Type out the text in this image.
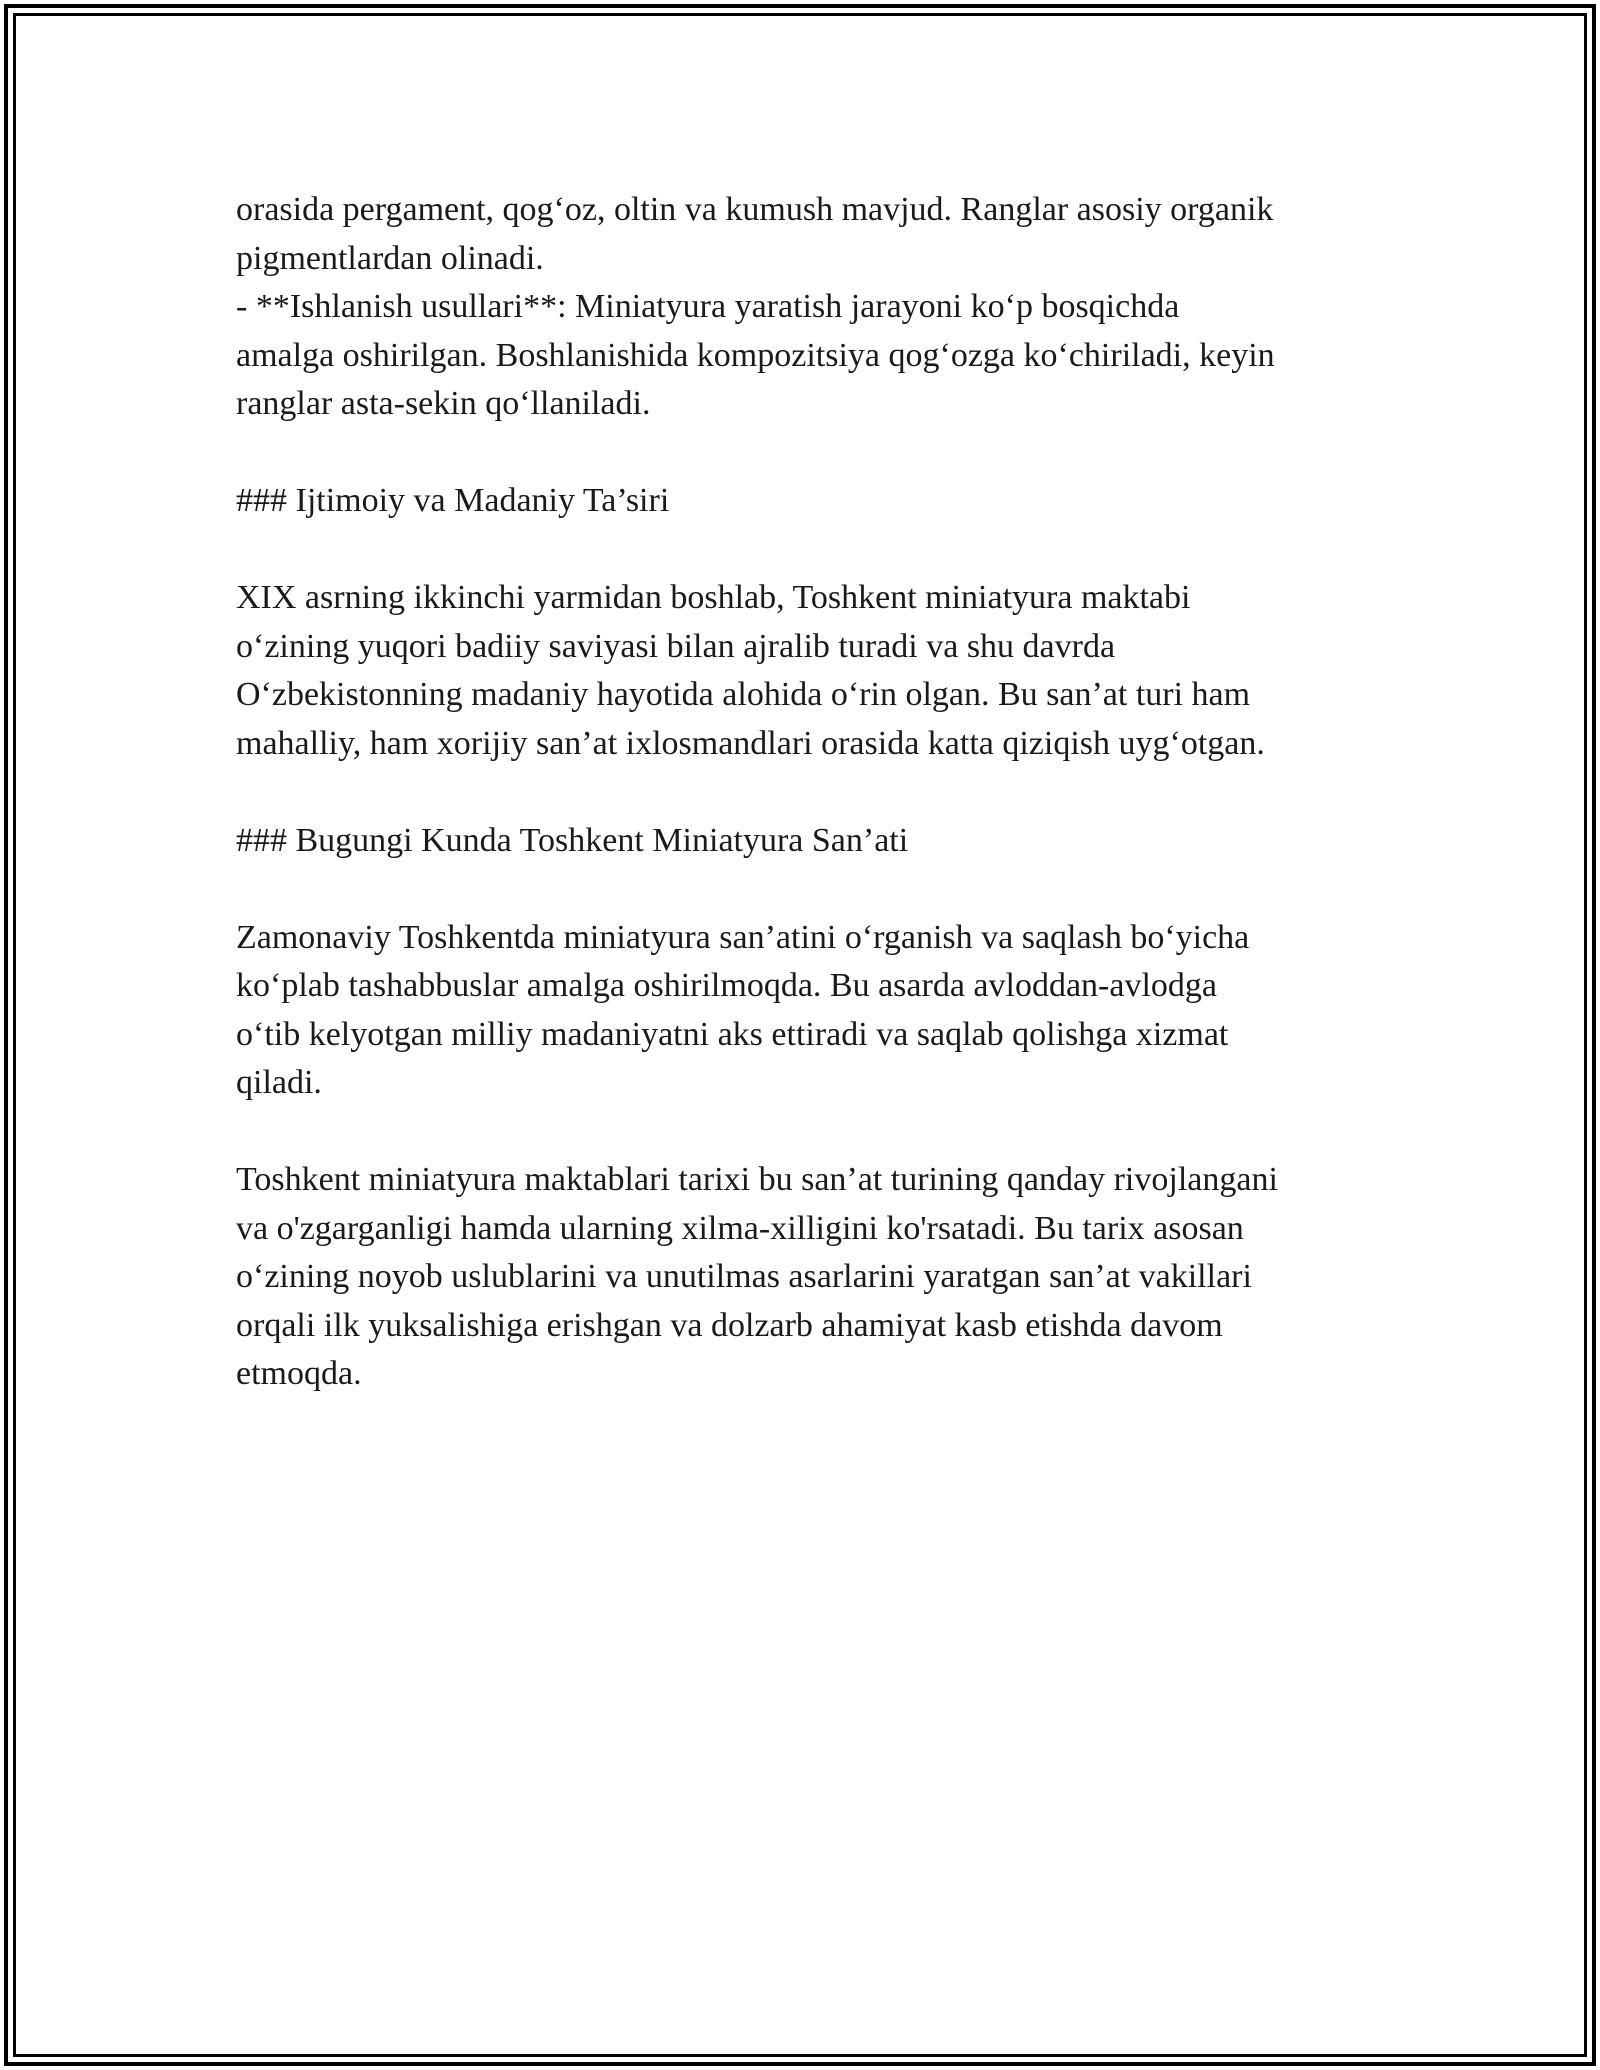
orasida pergament, qog‘oz, oltin va kumush mavjud. Ranglar asosiy organik
pigmentlardan olinadi.
- **Ishlanish usullari**: Miniatyura yaratish jarayoni ko‘p bosqichda
amalga oshirilgan. Boshlanishida kompozitsiya qog‘ozga ko‘chiriladi, keyin
ranglar asta-sekin qo‘llaniladi.
### Ijtimoiy va Madaniy Ta’siri
XIX asrning ikkinchi yarmidan boshlab, Toshkent miniatyura maktabi
o‘zining yuqori badiiy saviyasi bilan ajralib turadi va shu davrda
O‘zbekistonning madaniy hayotida alohida o‘rin olgan. Bu san’at turi ham
mahalliy, ham xorijiy san’at ixlosmandlari orasida katta qiziqish uyg‘otgan.
### Bugungi Kunda Toshkent Miniatyura San’ati
Zamonaviy Toshkentda miniatyura san’atini o‘rganish va saqlash bo‘yicha
ko‘plab tashabbuslar amalga oshirilmoqda. Bu asarda avloddan-avlodga
o‘tib kelyotgan milliy madaniyatni aks ettiradi va saqlab qolishga xizmat
qiladi.
Toshkent miniatyura maktablari tarixi bu san’at turining qanday rivojlangani
va o'zgarganligi hamda ularning xilma-xilligini ko'rsatadi. Bu tarix asosan
o‘zining noyob uslublarini va unutilmas asarlarini yaratgan san’at vakillari
orqali ilk yuksalishiga erishgan va dolzarb ahamiyat kasb etishda davom
etmoqda.
